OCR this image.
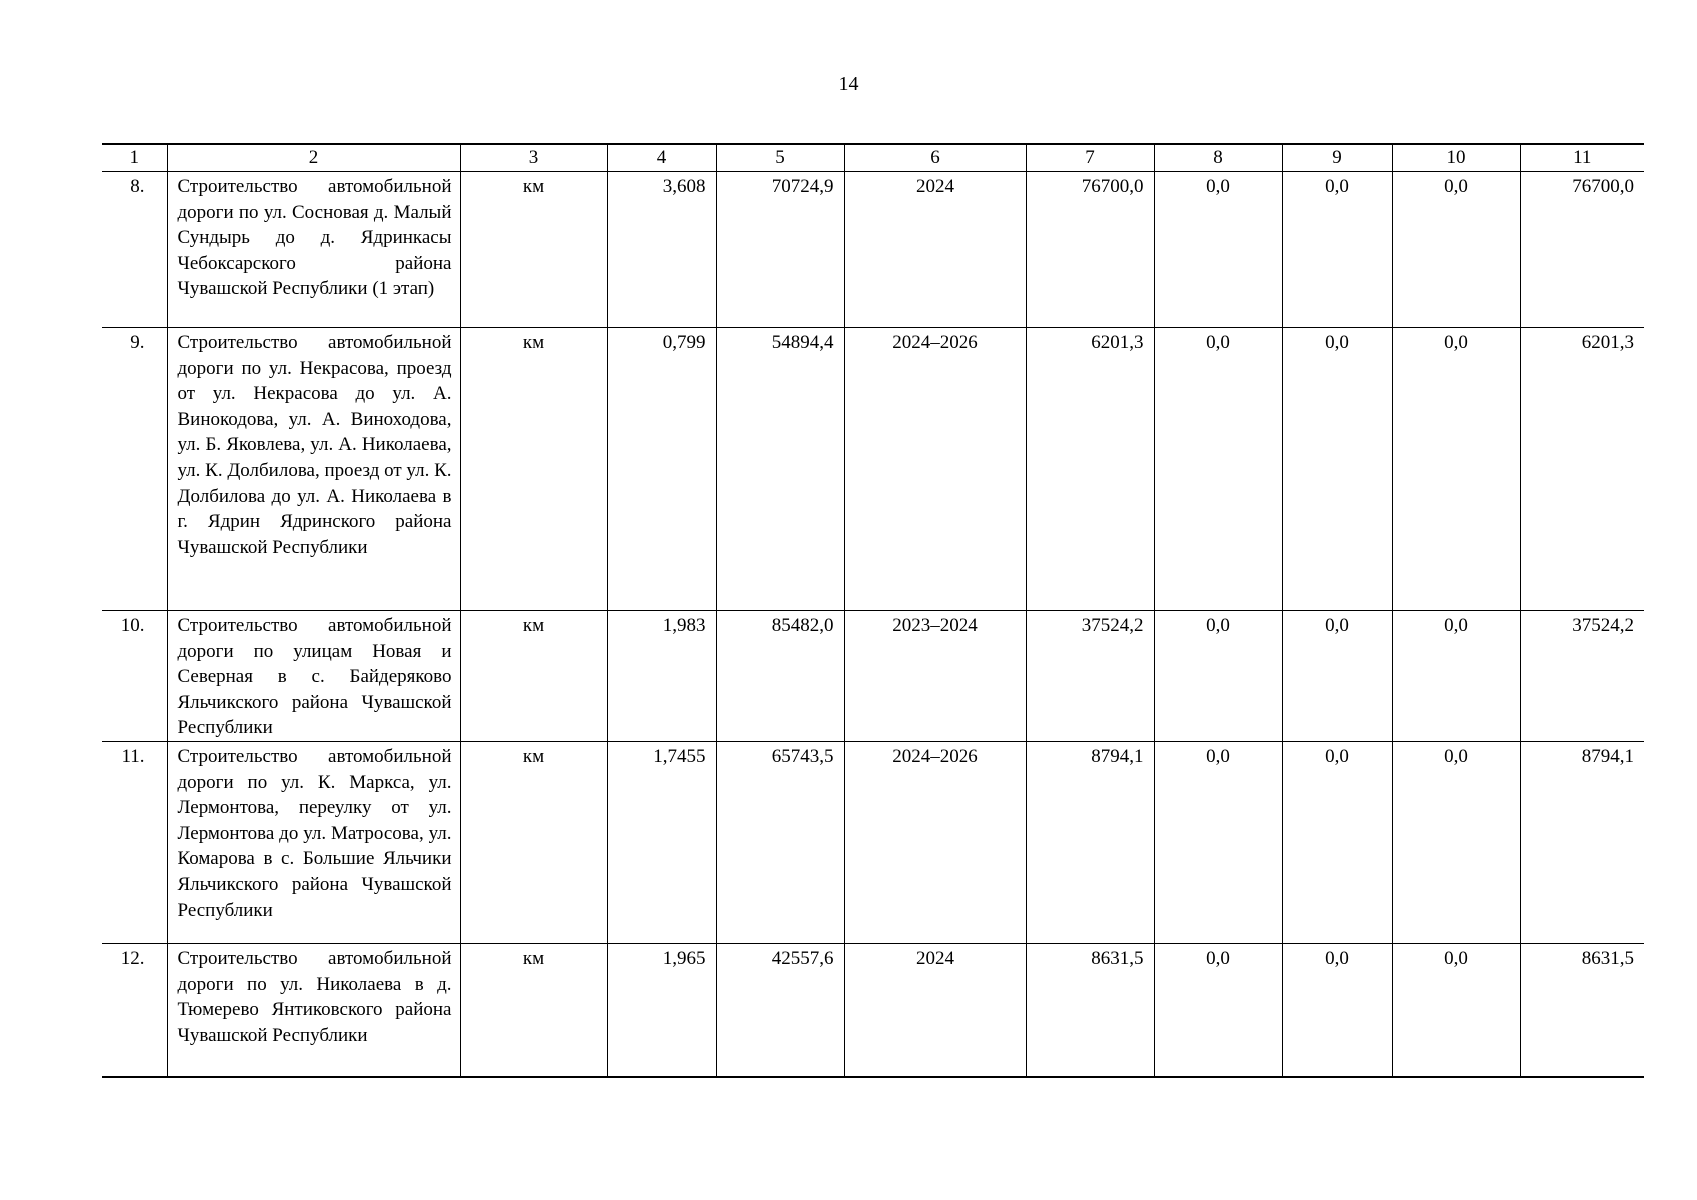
14
1	2	3	4	5	6	7	8	9	10	11
8.	Строительство автомобильной дороги по ул. Сосновая д. Малый Сундырь до д. Ядринкасы Чебоксарского района Чувашской Республики (1 этап)	км	3,608	70724,9	2024	76700,0	0,0	0,0	0,0	76700,0
9.	Строительство автомобильной дороги по ул. Некрасова, проезд от ул. Некрасова до ул. А. Винокодова, ул. А. Виноходова, ул. Б. Яковлева, ул. А. Николаева, ул. К. Долбилова, проезд от ул. К. Долбилова до ул. А. Николаева в г. Ядрин Ядринского района Чувашской Республики	км	0,799	54894,4	2024–2026	6201,3	0,0	0,0	0,0	6201,3
10.	Строительство автомобильной дороги по улицам Новая и Северная в с. Байдеряково Яльчикского района Чувашской Республики	км	1,983	85482,0	2023–2024	37524,2	0,0	0,0	0,0	37524,2
11.	Строительство автомобильной дороги по ул. К. Маркса, ул. Лермонтова, переулку от ул. Лермонтова до ул. Матросова, ул. Комарова в с. Большие Яльчики Яльчикского района Чувашской Республики	км	1,7455	65743,5	2024–2026	8794,1	0,0	0,0	0,0	8794,1
12.	Строительство автомобильной дороги по ул. Николаева в д. Тюмерево Янтиковского района Чувашской Республики	км	1,965	42557,6	2024	8631,5	0,0	0,0	0,0	8631,5
